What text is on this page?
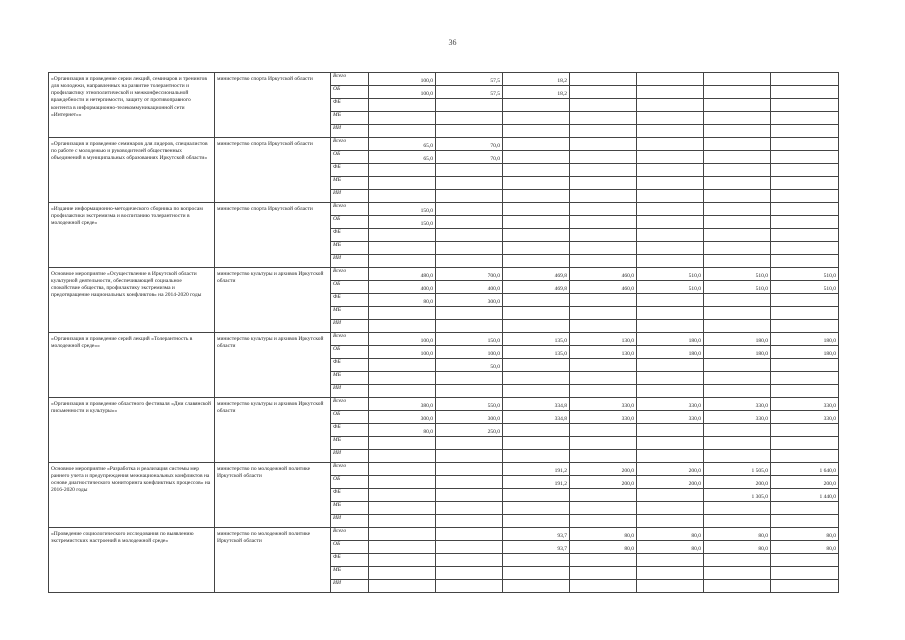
36
«Организация и проведение серии лекций, семинаров и тренингов для молодежи, направленных на развитие толерантности и профилактику этнополитической и межконфессиональной враждебности и нетерпимости, защиту от противоправного контента в информационно-телекоммуникационной сети «Интернет»»	министерство спорта Иркутской области	Всего	100,0	57,5	18,2				
		ОБ	100,0	57,5	18,2				
		ФБ							
		МБ							
		ИИ							
«Организация и проведение семинаров для лидеров, специалистов по работе с молодежью и руководителей общественных объединений в муниципальных образованиях Иркутской области»	министерство спорта Иркутской области	Всего	65,0	70,0					
		ОБ	65,0	70,0					
		ФБ							
		МБ							
		ИИ							
«Издание информационно-методического сборника по вопросам профилактики экстремизма и воспитанию толерантности в молодежной среде»	министерство спорта Иркутской области	Всего	150,0						
		ОБ	150,0						
		ФБ							
		МБ							
		ИИ							
Основное мероприятие «Осуществление в Иркутской области культурной деятельности, обеспечивающей социальное спокойствие общества, профилактику экстремизма и предотвращение национальных конфликтов» на 2014-2020 годы	министерство культуры и архивов Иркутской области	Всего	480,0	700,0	469,8	460,0	510,0	510,0	510,0
		ОБ	400,0	400,0	469,8	460,0	510,0	510,0	510,0
		ФБ	80,0	300,0					
		МБ							
		ИИ							
«Организация и проведение серий лекций «Толерантность в молодежной среде»»	министерство культуры и архивов Иркутской области	Всего	100,0	150,0	135,0	130,0	180,0	180,0	180,0
		ОБ	100,0	100,0	135,0	130,0	180,0	180,0	180,0
		ФБ		50,0					
		МБ							
		ИИ							
«Организация и проведение областного фестиваля «Дни славянской письменности и культуры»»	министерство культуры и архивов Иркутской области	Всего	380,0	550,0	334,8	330,0	330,0	330,0	330,0
		ОБ	300,0	300,0	334,8	330,0	330,0	330,0	330,0
		ФБ	80,0	250,0					
		МБ							
		ИИ							
Основное мероприятие «Разработка и реализация системы мер раннего учета и предупреждения межнациональных конфликтов на основе диагностического мониторинга конфликтных процессов» на 2016-2020 годы	министерство по молодежной политике Иркутской области	Всего			191,2	200,0	200,0	1 505,0	1 640,0
		ОБ			191,2	200,0	200,0	200,0	200,0
		ФБ						1 305,0	1 440,0
		МБ							
		ИИ							
«Проведение социологического исследования по выявлению экстремистских настроений в молодежной среде»	министерство по молодежной политике Иркутской области	Всего			93,7	80,0	80,0	80,0	80,0
		ОБ			93,7	80,0	80,0	80,0	80,0
		ФБ							
		МБ							
		ИИ							
